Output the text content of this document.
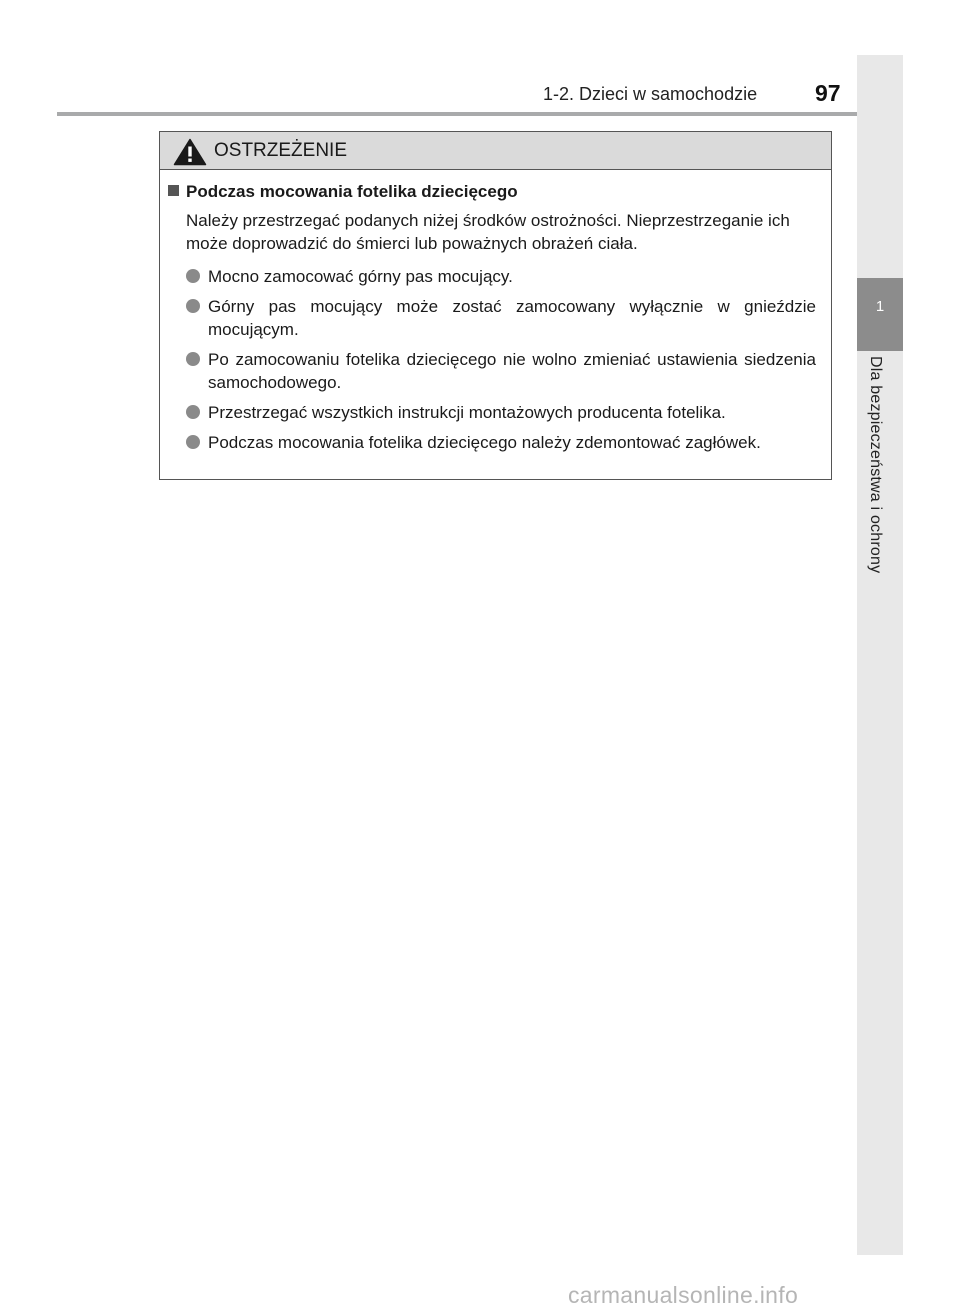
1-2. Dzieci w samochodzie	97
1
Dla bezpieczeństwa i ochrony
OSTRZEŻENIE
Podczas mocowania fotelika dziecięcego
Należy przestrzegać podanych niżej środków ostrożności. Nieprzestrzeganie ich może doprowadzić do śmierci lub poważnych obrażeń ciała.
Mocno zamocować górny pas mocujący.
Górny pas mocujący może zostać zamocowany wyłącznie w gnieździe mocującym.
Po zamocowaniu fotelika dziecięcego nie wolno zmieniać ustawienia siedzenia samochodowego.
Przestrzegać wszystkich instrukcji montażowych producenta fotelika.
Podczas mocowania fotelika dziecięcego należy zdemontować zagłówek.
carmanualsonline.info
